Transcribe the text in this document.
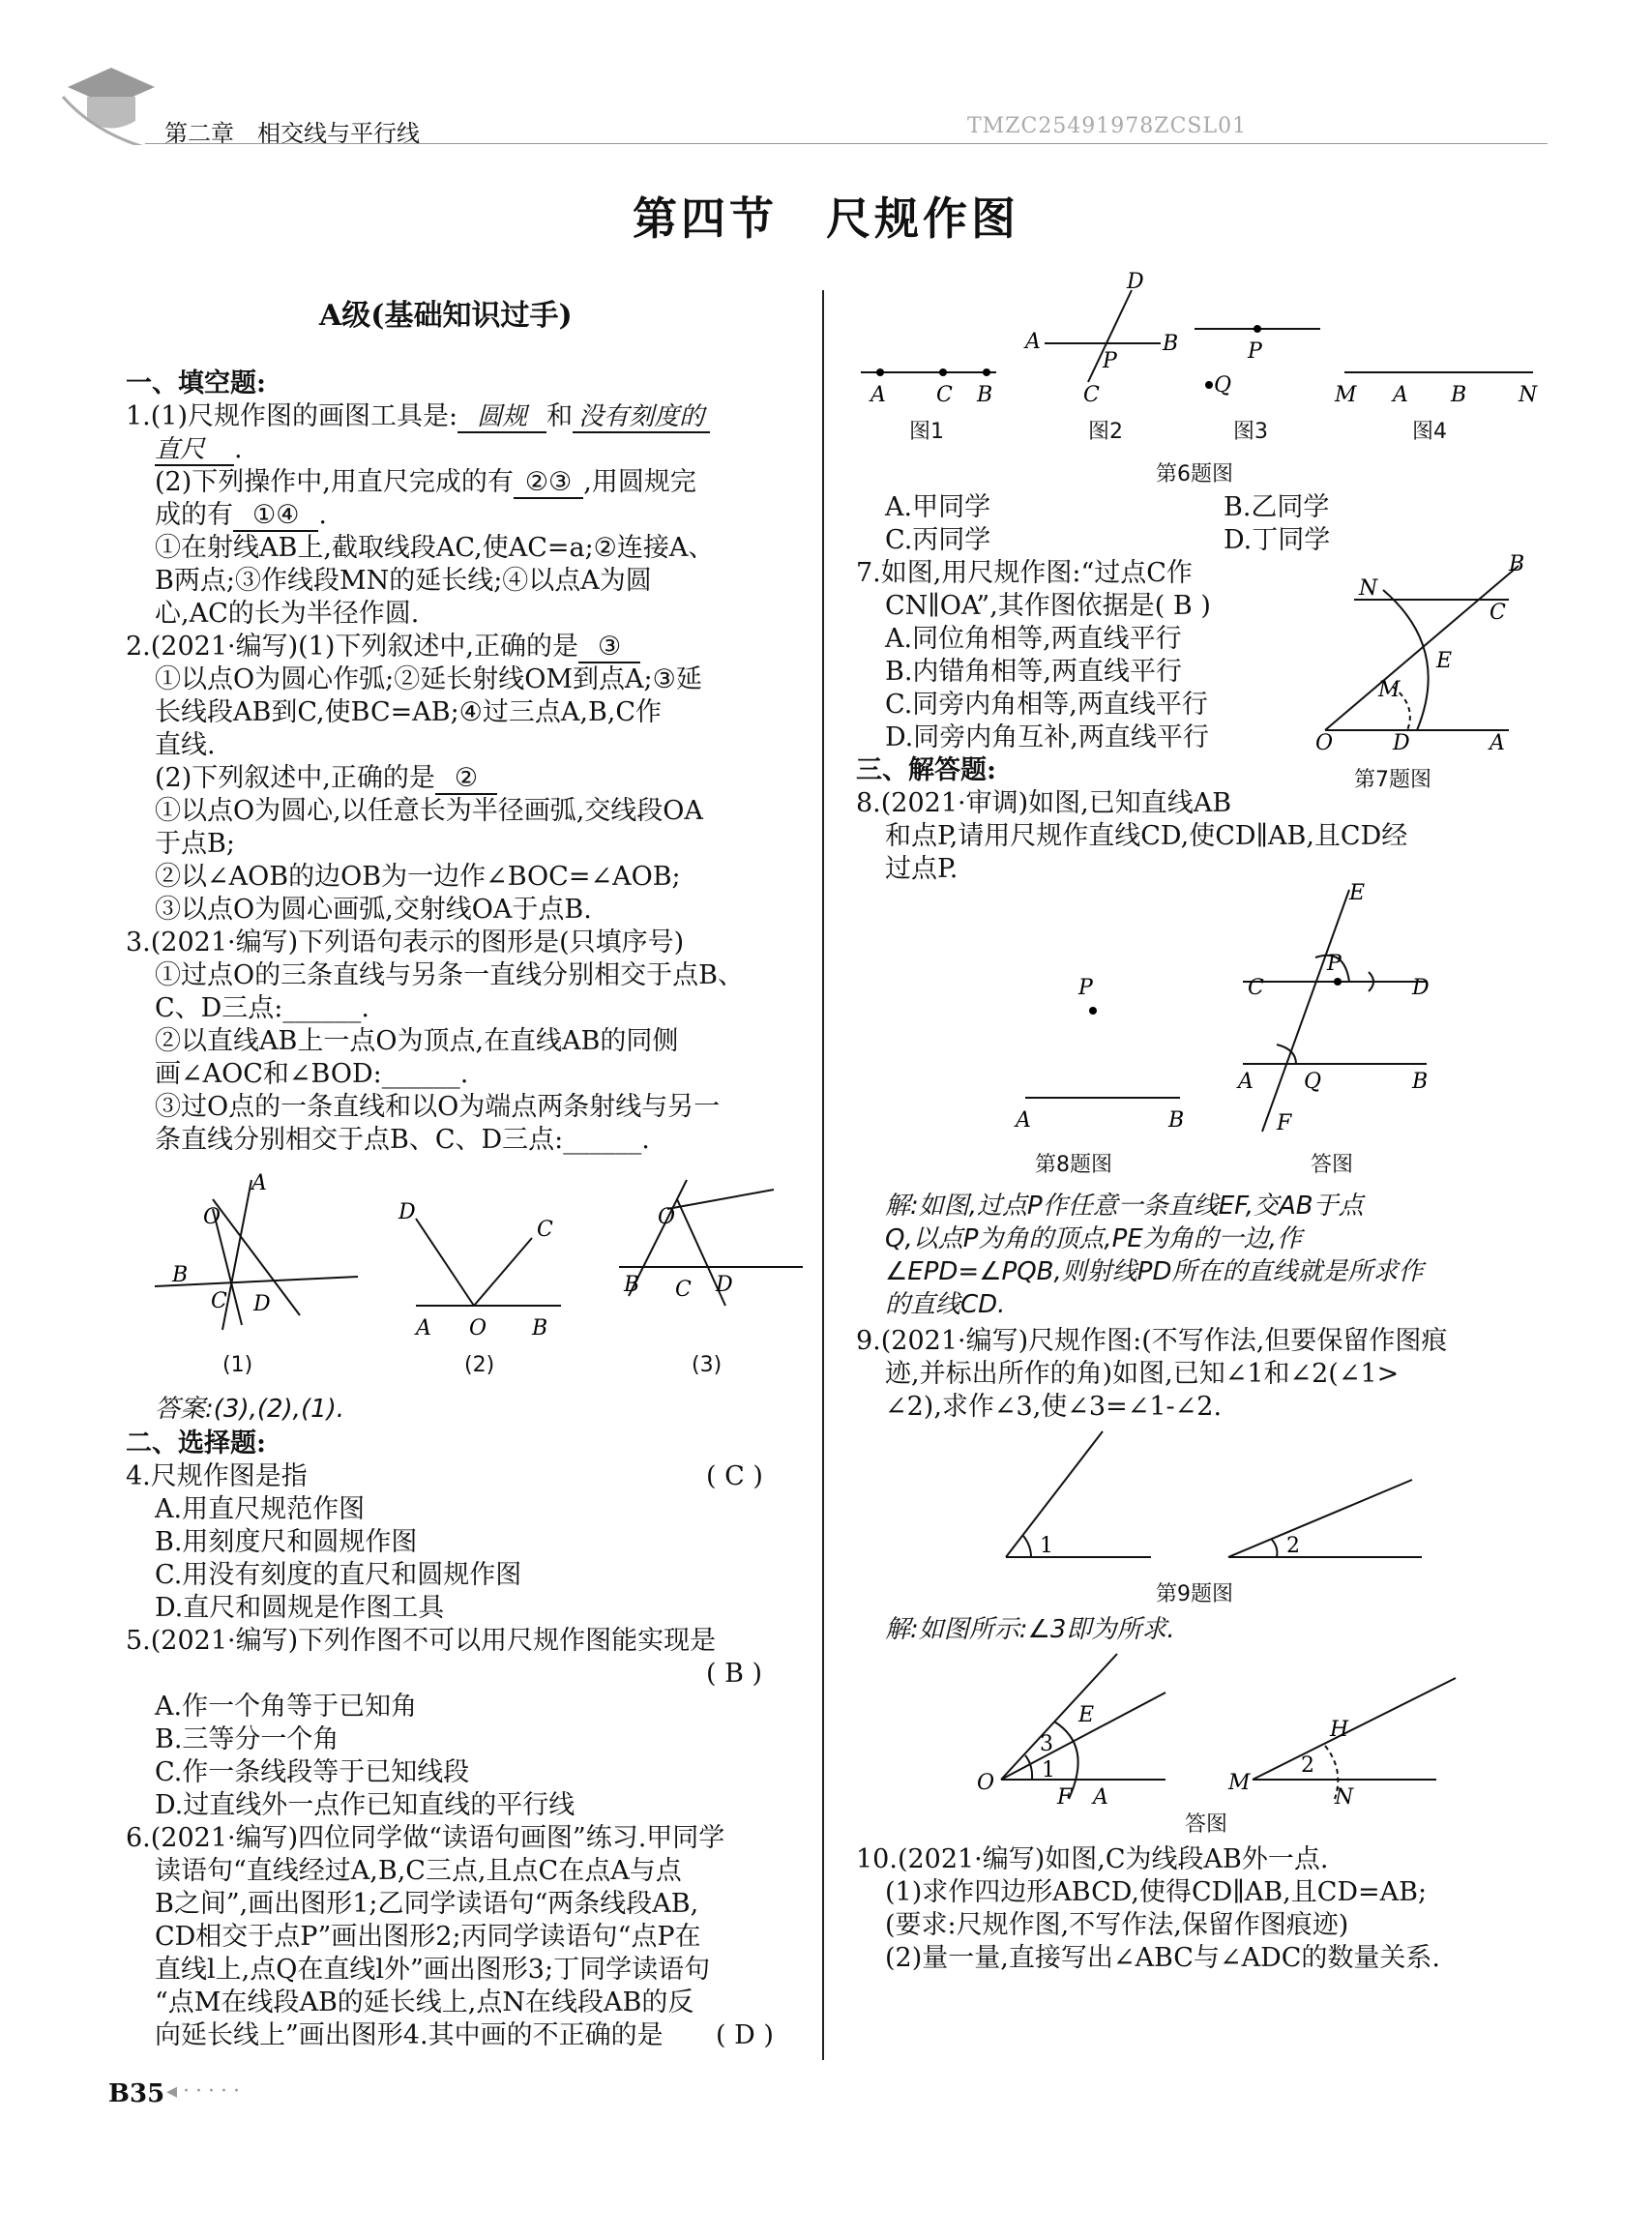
第二章　相交线与平行线	TMZC25491978ZCSL01
第四节　尺规作图
A级(基础知识过手)
一、填空题:
1.(1)尺规作图的画图工具是: 圆规 和 没有刻度的
直尺 .
(2)下列操作中,用直尺完成的有 ②③ ,用圆规完
成的有 ①④ .
①在射线AB上,截取线段AC,使AC=a;②连接A、
B两点;③作线段MN的延长线;④以点A为圆
心,AC的长为半径作圆.
2.(2021·编写)(1)下列叙述中,正确的是 ③
①以点O为圆心作弧;②延长射线OM到点A;③延
长线段AB到C,使BC=AB;④过三点A,B,C作
直线.
(2)下列叙述中,正确的是 ②
①以点O为圆心,以任意长为半径画弧,交线段OA
于点B;
②以∠AOB的边OB为一边作∠BOC=∠AOB;
③以点O为圆心画弧,交射线OA于点B.
3.(2021·编写)下列语句表示的图形是(只填序号)
①过点O的三条直线与另条一直线分别相交于点B、
C、D三点:______.
②以直线AB上一点O为顶点,在直线AB的同侧
画∠AOC和∠BOD:______.
③过O点的一条直线和以O为端点两条射线与另一
条直线分别相交于点B、C、D三点:______.
O
A
B
C D
D
C
A O B
O
B C D
(1)	(2)	(3)
答案:(3),(2),(1).
二、选择题:
4.尺规作图是指	( C )
A.用直尺规范作图
B.用刻度尺和圆规作图
C.用没有刻度的直尺和圆规作图
D.直尺和圆规是作图工具
5.(2021·编写)下列作图不可以用尺规作图能实现是
( B )
A.作一个角等于已知角
B.三等分一个角
C.作一条线段等于已知线段
D.过直线外一点作已知直线的平行线
6.(2021·编写)四位同学做“读语句画图”练习.甲同学
读语句“直线经过A,B,C三点,且点C在点A与点
B之间”,画出图形1;乙同学读语句“两条线段AB,
CD相交于点P”画出图形2;丙同学读语句“点P在
直线l上,点Q在直线l外”画出图形3;丁同学读语句
“点M在线段AB的延长线上,点N在线段AB的反
向延长线上”画出图形4.其中画的不正确的是 ( D )
A C B
A	B
D
C
P	P
Q	M A B N
图1	图2	图3	图4
第6题图
A.甲同学	B.乙同学
C.丙同学	D.丁同学
7.如图,用尺规作图:“过点C作
CN∥OA”,其作图依据是( B )
A.同位角相等,两直线平行
B.内错角相等,两直线平行
C.同旁内角相等,两直线平行
D.同旁内角互补,两直线平行	O	D	A
M
E
C
N
B
第7题图
三、解答题:
8.(2021·审调)如图,已知直线AB
和点P,请用尺规作直线CD,使CD∥AB,且CD经
过点P.
P
A	B
E
P
C	D
A Q	B
F
第8题图	答图
解:如图,过点P作任意一条直线EF,交AB于点
Q,以点P为角的顶点,PE为角的一边,作
∠EPD=∠PQB,则射线PD所在的直线就是所求作
的直线CD.
9.(2021·编写)尺规作图:(不写作法,但要保留作图痕
迹,并标出所作的角)如图,已知∠1和∠2(∠1>
∠2),求作∠3,使∠3=∠1-∠2.
1	2
第9题图
解:如图所示:∠3即为所求.
O
E
A
F
3
1
M
H
N
2
答图
10.(2021·编写)如图,C为线段AB外一点.
(1)求作四边形ABCD,使得CD∥AB,且CD=AB;
(要求:尺规作图,不写作法,保留作图痕迹)
(2)量一量,直接写出∠ABC与∠ADC的数量关系.
B35 ◂·····
